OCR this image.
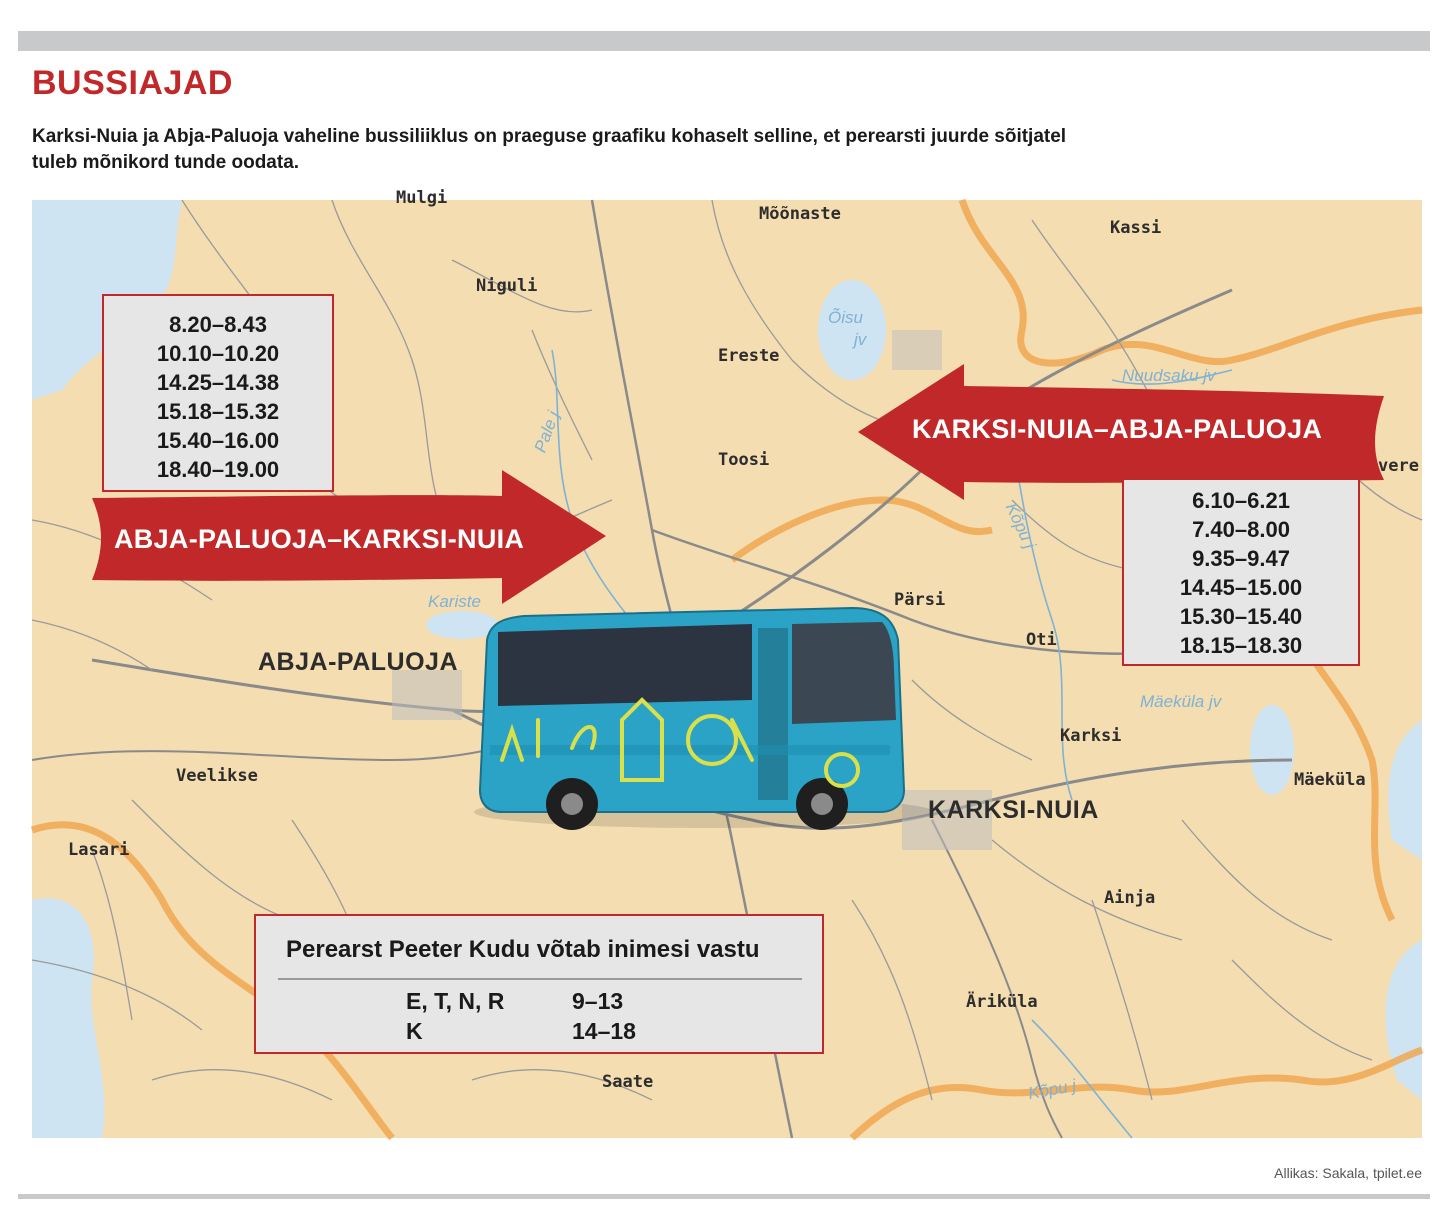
BUSSIAJAD
Karksi-Nuia ja Abja-Paluoja vaheline bussiliiklus on praeguse graafiku kohaselt selline, et perearsti juurde sõitjatel tuleb mõnikord tunde oodata.
Mulgi
Mõõnaste
Kassi
Niguli
Ereste
Toosi	vere
Pärsi
Oti
Karksi
Mäeküla
Veelikse
Lasari
Ainja
Äriküla
Saate
ABJA-PALUOJA
KARKSI-NUIA
Õisu
jv
Nuudsaku jv
Pale j
Kõpu j
Kariste
Mäeküla jv
Kõpu j
8.20–8.43
10.10–10.20
14.25–14.38
15.18–15.32
15.40–16.00
18.40–19.00
6.10–6.21
7.40–8.00
9.35–9.47
14.45–15.00
15.30–15.40
18.15–18.30
ABJA-PALUOJA–KARKSI-NUIA
KARKSI-NUIA–ABJA-PALUOJA
Perearst Peeter Kudu võtab inimesi vastu
E, T, N, R	9–13
K	14–18
Allikas: Sakala, tpilet.ee
